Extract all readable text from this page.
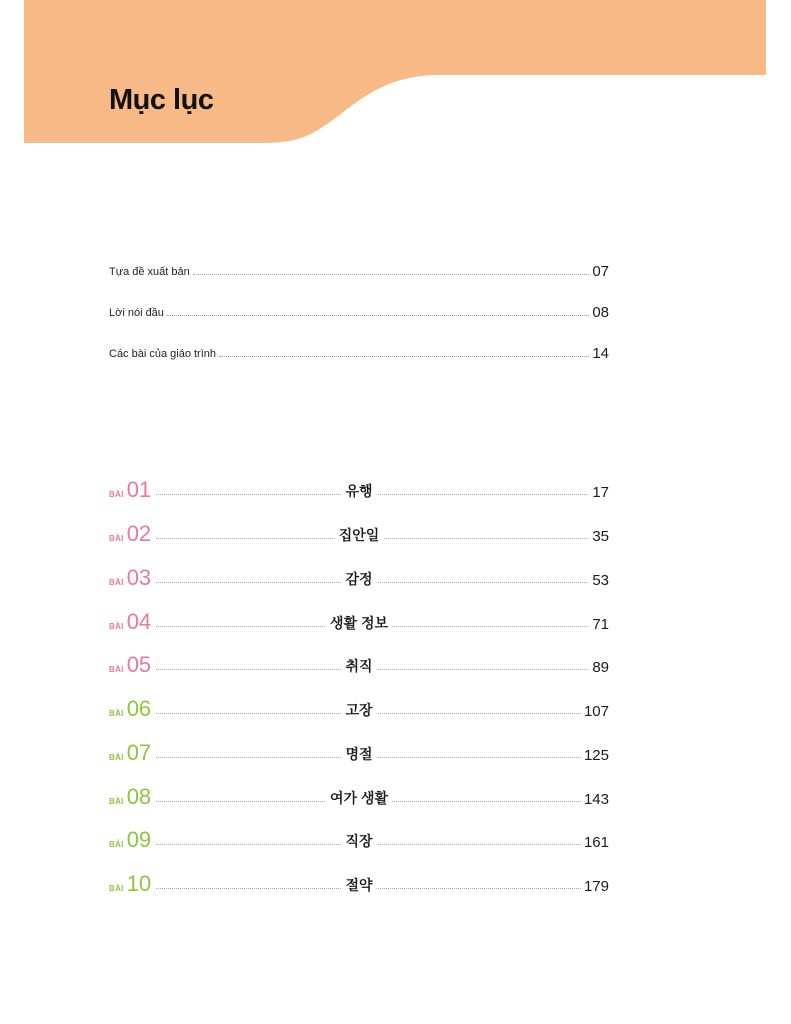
Mục lục
Tựa đề xuất bản	07
Lời nói đầu	08
Các bài của giáo trình	14
BÀI 01	유행	17
BÀI 02	집안일	35
BÀI 03	감정	53
BÀI 04	생활 정보	71
BÀI 05	취직	89
BÀI 06	고장	107
BÀI 07	명절	125
BÀI 08	여가 생활	143
BÀI 09	직장	161
BÀI 10	절약	179
